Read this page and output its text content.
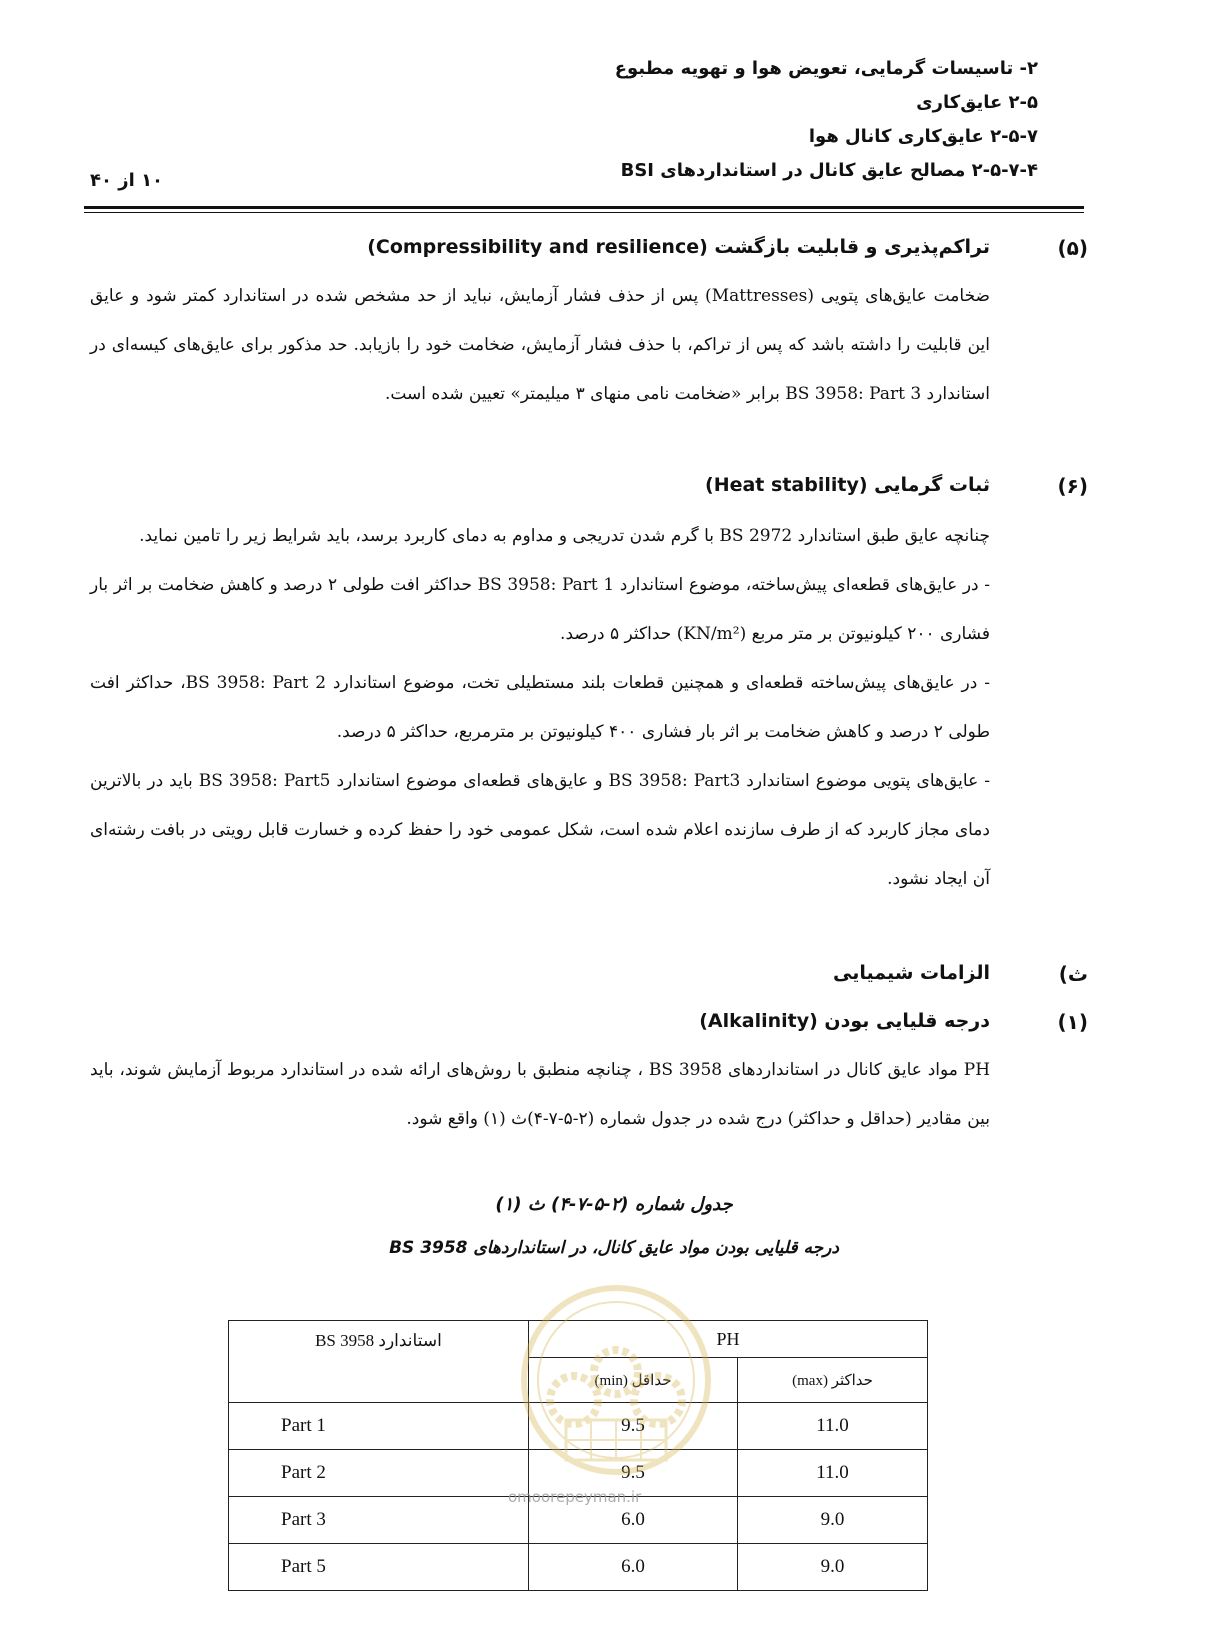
۲- تاسیسات گرمایی، تعویض هوا و تهویه مطبوع
۲-۵ عایق‌کاری
۲-۵-۷ عایق‌کاری کانال هوا
۲-۵-۷-۴ مصالح عایق کانال در استانداردهای BSI
۱۰ از ۴۰
(۵)
تراکم‌پذیری و قابلیت بازگشت (Compressibility and resilience)
ضخامت عایق‌های پتویی (Mattresses) پس از حذف فشار آزمایش، نباید از حد مشخص شده در استاندارد کمتر شود و عایق این قابلیت را داشته باشد که پس از تراکم، با حذف فشار آزمایش، ضخامت خود را بازیابد. حد مذکور برای عایق‌های کیسه‌ای در استاندارد BS 3958: Part 3 برابر «ضخامت نامی منهای ۳ میلیمتر» تعیین شده است.
(۶)
ثبات گرمایی (Heat stability)
چنانچه عایق طبق استاندارد BS 2972 با گرم شدن تدریجی و مداوم به دمای کاربرد برسد، باید شرایط زیر را تامین نماید.
- در عایق‌های قطعه‌ای پیش‌ساخته، موضوع استاندارد BS 3958: Part 1 حداکثر افت طولی ۲ درصد و کاهش ضخامت بر اثر بار فشاری ۲۰۰ کیلونیوتن بر متر مربع (KN/m²) حداکثر ۵ درصد.
- در عایق‌های پیش‌ساخته قطعه‌ای و همچنین قطعات بلند مستطیلی تخت، موضوع استاندارد BS 3958: Part 2، حداکثر افت طولی ۲ درصد و کاهش ضخامت بر اثر بار فشاری ۴۰۰ کیلونیوتن بر مترمربع، حداکثر ۵ درصد.
- عایق‌های پتویی موضوع استاندارد BS 3958: Part3 و عایق‌های قطعه‌ای موضوع استاندارد BS 3958: Part5 باید در بالاترین دمای مجاز کاربرد که از طرف سازنده اعلام شده است، شکل عمومی خود را حفظ کرده و خسارت قابل رویتی در بافت رشته‌ای آن ایجاد نشود.
ث)
الزامات شیمیایی
(۱)
درجه قلیایی بودن (Alkalinity)
PH مواد عایق کانال در استانداردهای BS 3958 ، چنانچه منطبق با روش‌های ارائه شده در استاندارد مربوط آزمایش شوند، باید بین مقادیر (حداقل و حداکثر) درج شده در جدول شماره (۲-۵-۷-۴)ث (۱) واقع شود.
جدول شماره (۲-۵-۷-۴) ث (۱)
درجه قلیایی بودن مواد عایق کانال، در استانداردهای BS 3958
استاندارد BS 3958	PH	
	حداقل (min)	حداکثر (max)
Part 1	9.5	11.0
Part 2	9.5	11.0
Part 3	6.0	9.0
Part 5	6.0	9.0
omoorepeyman.ir
